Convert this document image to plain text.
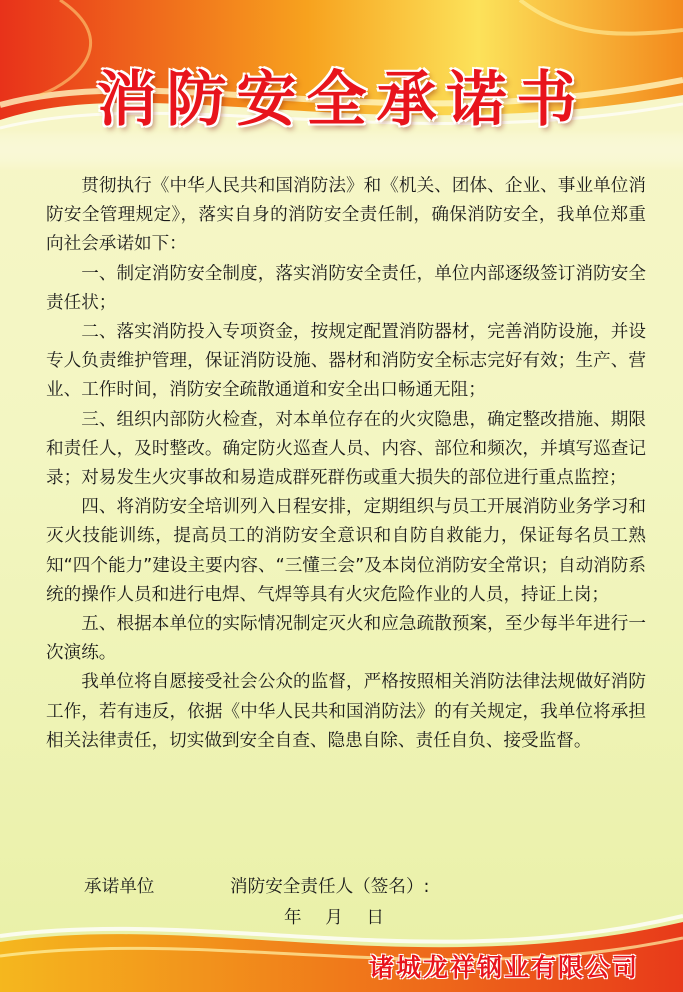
消防安全承诺书

贯彻执行《中华人民共和国消防法》和《机关、团体、企业、事业单位消防安全管理规定》，落实自身的消防安全责任制，确保消防安全，我单位郑重向社会承诺如下：

一、制定消防安全制度，落实消防安全责任，单位内部逐级签订消防安全责任状；

二、落实消防投入专项资金，按规定配置消防器材，完善消防设施，并设专人负责维护管理，保证消防设施、器材和消防安全标志完好有效；生产、营业、工作时间，消防安全疏散通道和安全出口畅通无阻；

三、组织内部防火检查，对本单位存在的火灾隐患，确定整改措施、期限和责任人，及时整改。确定防火巡查人员、内容、部位和频次，并填写巡查记录；对易发生火灾事故和易造成群死群伤或重大损失的部位进行重点监控；

四、将消防安全培训列入日程安排，定期组织与员工开展消防业务学习和灭火技能训练，提高员工的消防安全意识和自防自救能力，保证每名员工熟知“四个能力”建设主要内容、“三懂三会”及本岗位消防安全常识；自动消防系统的操作人员和进行电焊、气焊等具有火灾危险作业的人员，持证上岗；

五、根据本单位的实际情况制定灭火和应急疏散预案，至少每半年进行一次演练。

我单位将自愿接受社会公众的监督，严格按照相关消防法律法规做好消防工作，若有违反，依据《中华人民共和国消防法》的有关规定，我单位将承担相关法律责任，切实做到安全自查、隐患自除、责任自负、接受监督。

承诺单位	消防安全责任人（签名）:
年 月 日
诸城龙祥钢业有限公司
